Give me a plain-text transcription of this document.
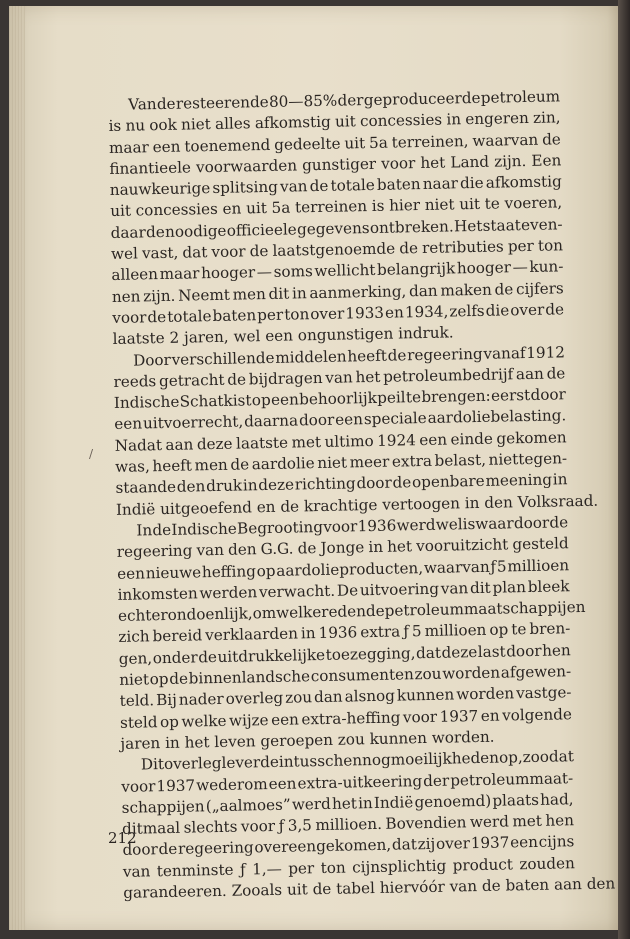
Van de resteerende 80—85% der geproduceerde petroleum
is nu ook niet alles afkomstig uit concessies in engeren zin,
maar een toenemend gedeelte uit 5a terreinen, waarvan de
finantieele voorwaarden gunstiger voor het Land zijn. Een
nauwkeurige splitsing van de totale baten naar die afkomstig
uit concessies en uit 5a terreinen is hier niet uit te voeren,
daar de noodige officieele gegevens ontbreken. Het staat even-
wel vast, dat voor de laatstgenoemde de retributies per ton
alleen maar hooger — soms wellicht belangrijk hooger — kun-
nen zijn. Neemt men dit in aanmerking, dan maken de cijfers
voor de totale baten per ton over 1933 en 1934, zelfs die over de
laatste 2 jaren, wel een ongunstigen indruk.
Door verschillende middelen heeft de regeering vanaf 1912
reeds getracht de bijdragen van het petroleumbedrijf aan de
Indische Schatkist op een behoorlijk peil te brengen: eerst door
een uitvoerrecht, daarna door een speciale aardoliebelasting.
Nadat aan deze laatste met ultimo 1924 een einde gekomen
was, heeft men de aardolie niet meer extra belast, niettegen-
staande den druk in deze richting door de openbare meening in
Indië uitgeoefend en de krachtige vertoogen in den Volksraad.
In de Indische Begrooting voor 1936 werd weliswaar door de
regeering van den G.G. de Jonge in het vooruitzicht gesteld
een nieuwe heffing op aardolieproducten, waarvan ƒ 5 millioen
inkomsten werden verwacht. De uitvoering van dit plan bleek
echter ondoenlijk, om welke reden de petroleummaatschappijen
zich bereid verklaarden in 1936 extra ƒ 5 millioen op te bren-
gen, onder de uitdrukkelijke toezegging, dat deze last door hen
niet op de binnenlandsche consumenten zou worden afgewen-
teld. Bij nader overleg zou dan alsnog kunnen worden vastge-
steld op welke wijze een extra-heffing voor 1937 en volgende
jaren in het leven geroepen zou kunnen worden.
Dit overleg leverde intusschen nog moeilijkheden op, zoodat
voor 1937 wederom een extra-uitkeering der petroleummaat-
schappijen („aalmoes” werd het in Indië genoemd) plaats had,
ditmaal slechts voor ƒ 3,5 millioen. Bovendien werd met hen
door de regeering overeengekomen, dat zij over 1937 een cijns
van tenminste ƒ 1,— per ton cijnsplichtig product zouden
garandeeren. Zooals uit de tabel hiervóór van de baten aan den
/
212
